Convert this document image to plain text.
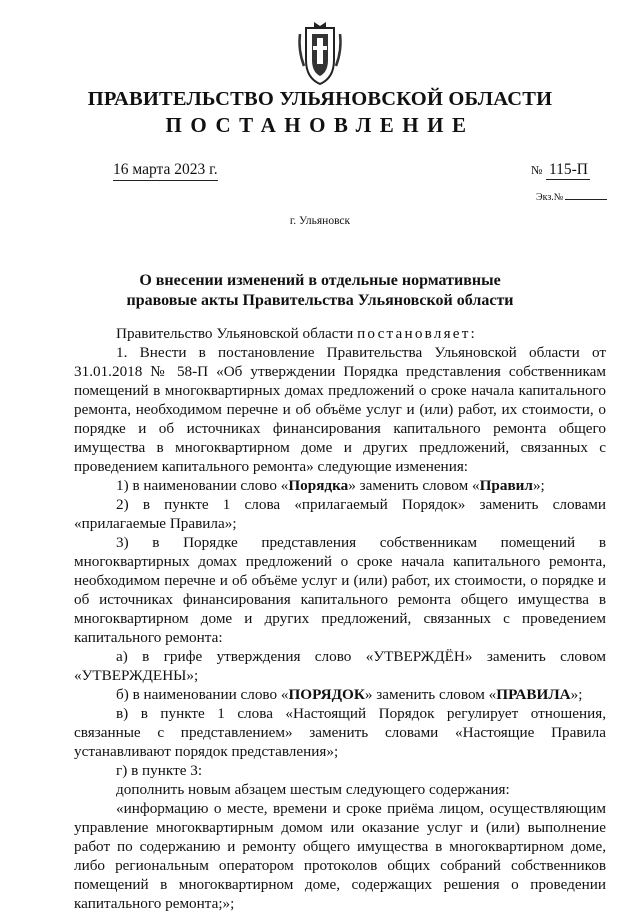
ПРАВИТЕЛЬСТВО УЛЬЯНОВСКОЙ ОБЛАСТИ
ПОСТАНОВЛЕНИЕ
16 марта 2023 г.	№ 115-П
Экз.№
г. Ульяновск
О внесении изменений в отдельные нормативные
правовые акты Правительства Ульяновской области

Правительство Ульяновской области постановляет:

1. Внести в постановление Правительства Ульяновской области от 31.01.2018 № 58-П «Об утверждении Порядка представления собственникам помещений в многоквартирных домах предложений о сроке начала капитального ремонта, необходимом перечне и об объёме услуг и (или) работ, их стоимости, о порядке и об источниках финансирования капитального ремонта общего имущества в многоквартирном доме и других предложений, связанных с проведением капитального ремонта» следующие изменения:

1) в наименовании слово «Порядка» заменить словом «Правил»;

2) в пункте 1 слова «прилагаемый Порядок» заменить словами «прилагаемые Правила»;

3) в Порядке представления собственникам помещений в многоквартирных домах предложений о сроке начала капитального ремонта, необходимом перечне и об объёме услуг и (или) работ, их стоимости, о порядке и об источниках финансирования капитального ремонта общего имущества в многоквартирном доме и других предложений, связанных с проведением капитального ремонта:

а) в грифе утверждения слово «УТВЕРЖДЁН» заменить словом «УТВЕРЖДЕНЫ»;

б) в наименовании слово «ПОРЯДОК» заменить словом «ПРАВИЛА»;

в) в пункте 1 слова «Настоящий Порядок регулирует отношения, связанные с представлением» заменить словами «Настоящие Правила устанавливают порядок представления»;

г) в пункте 3:

дополнить новым абзацем шестым следующего содержания:

«информацию о месте, времени и сроке приёма лицом, осуществляющим управление многоквартирным домом или оказание услуг и (или) выполнение работ по содержанию и ремонту общего имущества в многоквартирном доме, либо региональным оператором протоколов общих собраний собственников помещений в многоквартирном доме, содержащих решения о проведении капитального ремонта;»;
